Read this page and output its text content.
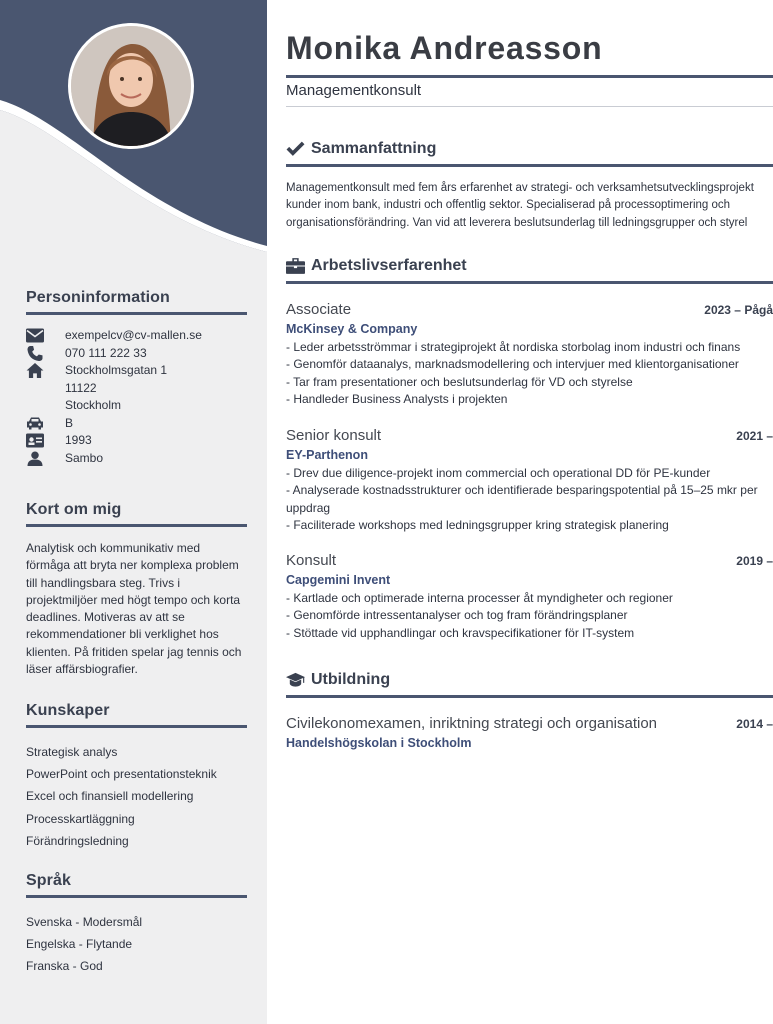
Personinformation
exempelcv@cv-mallen.se
070 111 222 33
Stockholmsgatan 1
11122
Stockholm
B
1993
Sambo
Kort om mig

Analytisk och kommunikativ med förmåga att bryta ner komplexa problem till handlingsbara steg. Trivs i projektmiljöer med högt tempo och korta deadlines. Motiveras av att se rekommendationer bli verklighet hos klienten. På fritiden spelar jag tennis och läser affärsbiografier.

Kunskaper
Strategisk analys
PowerPoint och presentationsteknik
Excel och finansiell modellering
Processkartläggning
Förändringsledning
Språk
Svenska - Modersmål
Engelska - Flytande
Franska - God
Monika Andreasson
Managementkonsult
Sammanfattning
Managementkonsult med fem års erfarenhet av strategi- och verksamhetsutvecklingsprojekt
kunder inom bank, industri och offentlig sektor. Specialiserad på processoptimering och
organisationsförändring. Van vid att leverera beslutsunderlag till ledningsgrupper och styrel
Arbetslivserfarenhet
Associate	2023 – Pågå
McKinsey & Company
- Leder arbetsströmmar i strategiprojekt åt nordiska storbolag inom industri och finans
- Genomför dataanalys, marknadsmodellering och intervjuer med klientorganisationer
- Tar fram presentationer och beslutsunderlag för VD och styrelse
- Handleder Business Analysts i projekten
Senior konsult	2021 –
EY-Parthenon
- Drev due diligence-projekt inom commercial och operational DD för PE-kunder
- Analyserade kostnadsstrukturer och identifierade besparingspotential på 15–25 mkr per
uppdrag
- Faciliterade workshops med ledningsgrupper kring strategisk planering
Konsult	2019 –
Capgemini Invent
- Kartlade och optimerade interna processer åt myndigheter och regioner
- Genomförde intressentanalyser och tog fram förändringsplaner
- Stöttade vid upphandlingar och kravspecifikationer för IT-system
Utbildning
Civilekonomexamen, inriktning strategi och organisation	2014 –
Handelshögskolan i Stockholm
